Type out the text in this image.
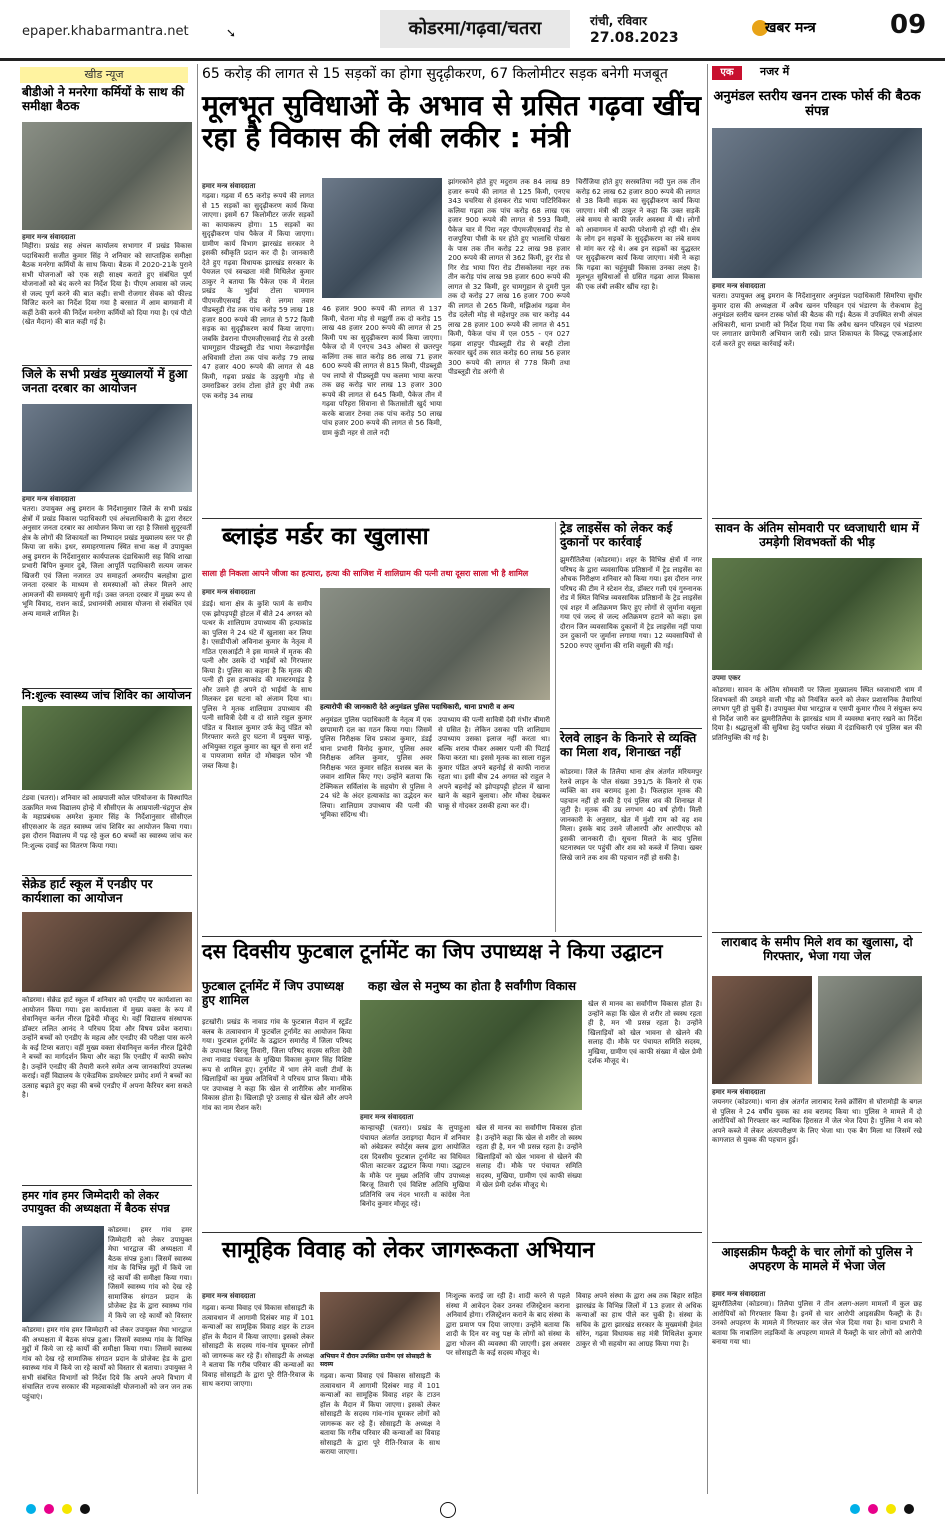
epaper.khabarmantra.net	➘	कोडरमा/गढ़वा/चतरा	रांची, रविवार
27.08.2023
खबर मन्त्र	09
खीड न्यूज
बीडीओ ने मनरेगा कर्मियों के साथ की समीक्षा बैठक
हमार मन्त्र संवाददाता
मिहीरा। प्रखंड सह अंचल कार्यालय सभागार में प्रखंड विकास पदाधिकारी सजीत कुमार सिंह ने शनिवार को साप्ताहिक समीक्षा बैठक मनरेगा कर्मियों के साथ किया। बैठक में 2020-21के पुराने सभी योजनाओं को एक सही साक्ष्य कराते हुए संबंधित पूर्ण योजनाओं को बंद करने का निर्देश दिया है। पीएम आवास को जल्द से जल्द पूर्ण करने की बात कही। सभी रोजगार सेवक को फील्ड विजिट करने का निर्देश दिया गया है बरसात में आम बागवानी में कहीं ठेकी करने की निर्देश मनरेगा कर्मियों को दिया गया है। एवं पौटो (खेत मैदान) की बात कही गई है।
जिले के सभी प्रखंड मुख्यालयों में हुआ जनता दरबार का आयोजन
हमार मन्त्र संवाददाता
चतरा। उपायुक्त अबु इमरान के निर्देशानुसार जिले के सभी प्रखंड क्षेत्रों में प्रखंड विकास पदाधिकारी एवं अंचलाधिकारी के द्वारा रोस्टर अनुसार जनता दरबार का आयोजन किया जा रहा है जिससे सुदूरवर्ती क्षेत्र के लोगों की शिकायतों का निष्पादन प्रखंड मुख्यालय स्तर पर ही किया जा सके। इधर, समाहरणालय स्थित सभा कक्ष में उपायुक्त अबु इमरान के निर्देशानुसार कार्यपालक दंडाधिकारी सह विधि शाखा प्रभारी बिपिन कुमार दुबे, जिला आपूर्ति पदाधिकारी सत्यम जाकर खिजरी एवं जिला नजारत उप समाहर्ता अमरदीप बलहोत्रा द्वारा जनता दरबार के माध्यम से समस्याओं को लेकर मिलने आए आमजनों की समस्याएं सुनी गई। उक्त जनता दरबार में मुख्य रूप से भूमि विवाद, राशन कार्ड, प्रधानमंत्री आवास योजना से संबंधित एवं अन्य मामले शामिल है।
नि:शुल्क स्वास्थ्य जांच शिविर का आयोजन
टंडवा (चतरा)। शनिवार को आम्रपाली कोल परियोजना के विस्थापित उत्क्रमित मध्य विद्यालय होन्हे में सीसीएल के आम्रपाली-चंद्रगुप्त क्षेत्र के महाप्रबंधक अमरेश कुमार सिंह के निर्देशानुसार सीसीएल सीएसआर के तहत स्वास्थ्य जांच शिविर का आयोजन किया गया। इस दौरान विद्यालय में पढ़ रहे कुल 60 बच्चों का स्वास्थ्य जांच कर नि:शुल्क दवाई का वितरण किया गया।
सेक्रेड हार्ट स्कूल में एनडीए पर कार्यशाला का आयोजन
कोडरमा। सेक्रेड हार्ट स्कूल में शनिवार को एनडीए पर कार्यशाला का आयोजन किया गया। इस कार्यशाला में मुख्य वक्ता के रूप में सेवानिवृत्त कर्नल नीरज द्विवेदी मौजूद थे। वहीं विद्यालय संस्थापक डॉक्टर ललित आनंद ने परिचय दिया और विषय प्रवेश कराया। उन्होंने बच्चों को एनडीए के महत्व और एनडीए की परीक्षा पास करने के कई टिप्स बताए। वहीं मुख्य वक्ता सेवानिवृत्त कर्नल नीरज द्विवेदी ने बच्चों का मार्गदर्शन किया और कहा कि एनडीए में काफी स्कोप है। उन्होंने एनडीए की तैयारी करने समेत अन्य जानकारियां उपलब्ध कराई। वहीं विद्यालय के एकेडमिक डायरेक्टर प्रमोद शर्मा ने बच्चों का उत्साह बढ़ाते हुए कहा की बच्चे एनडीए में अपना कैरियर बना सकते है।
हमर गांव हमर जिम्मेदारी को लेकर उपायुक्त की अध्यक्षता में बैठक संपन्न
कोडरमा। हमर गांव हमर जिम्मेदारी को लेकर उपायुक्त मेघा भारद्वाज की अध्यक्षता में बैठक संपन्न हुआ। जिसमें स्वास्थ्य गांव के विभिन्न मुद्दों में किये जा रहे कार्यों की समीक्षा किया गया। जिसमें स्वास्थ्य गांव को देख रहे सामाजिक संगठन प्रदान के प्रोजेक्ट हेड के द्वारा स्वास्थ्य गांव में किये जा रहे कार्यों को विस्तार
कोडरमा। हमर गांव हमर जिम्मेदारी को लेकर उपायुक्त मेघा भारद्वाज की अध्यक्षता में बैठक संपन्न हुआ। जिसमें स्वास्थ्य गांव के विभिन्न मुद्दों में किये जा रहे कार्यों की समीक्षा किया गया। जिसमें स्वास्थ्य गांव को देख रहे सामाजिक संगठन प्रदान के प्रोजेक्ट हेड के द्वारा स्वास्थ्य गांव में किये जा रहे कार्यों को विस्तार से बताया। उपायुक्त ने सभी संबंधित विभागों को निर्देश दिये कि अपने अपने विभाग में संचालित राज्य सरकार की महत्वाकांक्षी योजनाओं को जन जन तक पहुंचाएं।
65 करोड़ की लागत से 15 सड़कों का होगा सुदृढ़ीकरण, 67 किलोमीटर सड़क बनेगी मजबूत
मूलभूत सुविधाओं के अभाव से ग्रसित गढ़वा खींच रहा है विकास की लंबी लकीर : मंत्री
हमार मन्त्र संवाददाता
गढ़वा। गढ़वा में 65 करोड़ रूपये की लागत से 15 सड़कों का सुदृढ़ीकरण कार्य किया जाएगा। इसमें 67 किलोमीटर जर्जर सड़कों का कायाकल्प होगा। 15 सड़कों का सुदृढ़ीकरण पांच पैकेज में किया जाएगा। ग्रामीण कार्य विभाग झारखंड सरकार ने इसकी स्वीकृति प्रदान कर दी है। जानकारी देते हुए गढ़वा विधायक झारखंड सरकार के पेयजल एवं स्वच्छता मंत्री मिथिलेश कुमार ठाकुर ने बताया कि पैकेज एक में मेराल प्रखंड के भुईयां टोला चामगान पीएमजीएसवाई रोड से लगमा तवार पीडब्लूडी रोड तक पांच करोड़ 59 लाख 18 हजार 800 रूपये की लागत से 572 किमी सड़क का सुदृढ़ीकरण कार्य किया जाएगा। जबकि डेवराना पीएमजीएसवाई रोड से उरसी चामगुहान पीडब्लूडी रोड भाया नेरूडागोईंस अधिवासी टोला तक पांच करोड़ 79 लाख 47 हजार 400 रूपये की लागत से 48 किमी, गढ़वा प्रखंड के उड़सुगी मोड़ से उमराडिकर उरांव टोला होते हुए मेघी तक एक करोड़ 34 लाख
46 हजार 900 रूपये की लागत से 137 किमी, चेतना मोड़ से मझुर्गी तक दो करोड़ 15 लाख 48 हजार 200 रूपये की लागत से 25 किमी पथ का सुदृढ़ीकरण कार्य किया जाएगा। पैकेज दो में एनएच 343 ओबरा से छतरपुर कलिंगा तक सात करोड़ 86 लाख 71 हजार 600 रूपये की लागत से 815 किमी, पीडब्लूडी पथ लापो से पीडब्लूडी पथ कलमा भाया करपा तक छह करोड़ चार लाख 13 हजार 300 रूपये की लागत से 645 किमी, पैकेज तीन में गढ़वा परिहरा सिवाना से कितासोती खुर्द भाया करके बाजार टेनवा तक पांच करोड़ 50 लाख पांच हजार 200 रूपये की लागत से 56 किमी, ग्राम कुंडी नहर से ताले नदी
झांगरकोने होते हुए मदुराम तक 84 लाख 89 हजार रूपये की लागत से 125 किमी, एनएच 343 चचरिया से हंसकर रोड भाया पाटिरिविकर कलिया गढ़वा तक पांच करोड़ 68 लाख एक हजार 900 रूपये की लागत से 593 किमी, पैकेज चार में पिरा नहर पीएमजीएसवाई रोड से राजपुरिया पौसी के घर होते हुए भालाधि पोखरा के पास तक तीन करोड़ 22 लाख 98 हजार 200 रूपये की लागत से 362 किमी, हुर रोड से गिर रोड भाया पिरा रोड टीसकोलवा नहर तक तीन करोड़ पांच लाख 98 हजार 600 रूपये की लागत से 32 किमी, हुर चामगुहान से दुमरी पुल तक दो करोड़ 27 लाख 16 हजार 700 रूपये की लागत से 265 किमी, मझिआंव गढ़वा मेन रोड दलेली मोड़ से महेशपुर तक चार करोड़ 44 लाख 28 हजार 100 रूपये की लागत से 451 किमी, पैकेज पांच में एल 055 - एन 027 गढ़वा शाहपुर पीडब्लूडी रोड से बरही टोला करवार खुर्द तक सात करोड़ 60 लाख 56 हजार 300 रूपये की लागत से 778 किमी तथा पीडब्लूडी रोड अरंगी से
चिरौंजिया होते हुए सरस्वतिया नदी पुल तक तीन करोड़ 62 लाख 62 हजार 800 रूपये की लागत से 38 किमी सड़क का सुदृढ़ीकरण कार्य किया जाएगा। मंत्री श्री ठाकुर ने कहा कि उक्त सड़कें लंबे समय से काफी जर्जर अवस्था में थी। लोगों को आवागमन में काफी परेशानी हो रही थी। क्षेत्र के लोग इन सड़कों के सुदृढ़ीकरण का लंबे समय से मांग कर रहे थे। अब इन सड़कों का युद्धस्तर पर सुदृढ़ीकरण कार्य किया जाएगा। मंत्री ने कहा कि गढ़वा का चहुंमुखी विकास उनका लक्ष्य है। मूलभूत सुविधाओं से ग्रसित गढ़वा आज विकास की एक लंबी लकीर खींच रहा है।
ब्लाइंड मर्डर का खुलासा
साला ही निकला आपने जीजा का हत्यारा, हत्या की साजिश में शालिग्राम की पत्नी तथा दूसरा साला भी है शामिल
हमार मन्त्र संवाददाता
डंडई। थाना क्षेत्र के कुशि फार्म के समीप एक झोपड़पट्टी होटल में बीते 24 अगस्त को पत्थर के शालिग्राम उपाध्याय की हत्याकांड का पुलिस ने 24 घंटे में खुलासा कर लिया है। एसडीपीओ अविनाश कुमार के नेतृत्व में गठित एसआईटी ने इस मामले में मृतक की पत्नी और उसके दो भाईयों को गिरफ्तार किया है। पुलिस का कहना है कि मृतक की पत्नी ही इस हत्याकांड की मास्टरमाइंड है और उसने ही अपने दो भाईयों के साथ मिलकर इस घटना को अंजाम दिया था। पुलिस ने मृतक शालिग्राम उपाध्याय की पत्नी सावित्री देवी व दो साले राहुल कुमार पंडित व विशाल कुमार उर्फ केतु पंडित को गिरफ्तार करते हुए घटना में प्रयुक्त चाकू, अभियुक्त राहुल कुमार का खून से सना शर्ट व पायजामा समेत दो मोबाइल फोन भी जब्त किया है।
हत्यारोपी की जानकारी देते अनुमंडल पुलिस पदाधिकारी, थाना प्रभारी व अन्य
अनुमंडल पुलिस पदाधिकारी के नेतृत्व में एक छापामारी दल का गठन किया गया। जिसमें पुलिस निरीक्षक शिव प्रकाश कुमार, डंडई थाना प्रभारी विनोद कुमार, पुलिस अवर निरीक्षक अनिल कुमार, पुलिस अवर निरीक्षक भरत कुमार सहित सशस्त्र बल के जवान शामिल किए गए। उन्होंने बताया कि टेक्निकल सर्विलांस के सहयोग से पुलिस ने 24 घंटे के अंदर हत्याकांड का उद्भेदन कर लिया। शालिग्राम उपाध्याय की पत्नी की भूमिका संदिग्ध थी।
उपाध्याय की पत्नी सावित्री देवी गंभीर बीमारी से ग्रसित है। लेकिन उसका पति शालिग्राम उपाध्याय उसका इलाज नहीं करता था। बल्कि शराब पीकर अक्सर पत्नी की पिटाई किया करता था। इससे मृतक का साला राहुल कुमार पंडित अपने बहनोई से काफी नाराज रहता था। इसी बीच 24 अगस्त को राहुल ने अपने बहनोई को झोपड़पट्टी होटल में खाना खाने के बहाने बुलाया। और मौका देखकर चाकू से गोदकर उसकी हत्या कर दी।
ट्रेड लाइसेंस को लेकर कई दुकानों पर कार्रवाई
झुमरीतिलैया (कोडरमा)। शहर के विभिन्न क्षेत्रों में नगर परिषद के द्वारा व्यवसायिक प्रतिष्ठानों में ट्रेड लाइसेंस का औचक निरीक्षण शनिवार को किया गया। इस दौरान नगर परिषद की टीम ने स्टेशन रोड, डॉक्टर गली एवं गुरुनानक रोड में स्थित विभिन्न व्यवसायिक प्रतिष्ठानों के ट्रेड लाइसेंस एवं शहर में अतिक्रमण किए हुए लोगों से जुर्माना वसूला गया एवं जल्द से जल्द अतिक्रमण हटाने को कहा। इस दौरान जिन व्यवसायिक दुकानों में ट्रेड लाइसेंस नहीं पाया उन दुकानों पर जुर्माना लगाया गया। 12 व्यवसायियों से 5200 रुपए जुर्माना की राशि वसूली की गई।
रेलवे लाइन के किनारे से व्यक्ति का मिला शव, शिनाख्त नहीं
कोडरमा। जिले के तिलैया थाना क्षेत्र अंतर्गत मरियमपुर रेलवे लाइन के पोल संख्या 391/5 के किनारे से एक व्यक्ति का शव बरामद हुआ है। फिलहाल मृतक की पहचान नहीं हो सकी है एवं पुलिस शव की शिनाख्त में जुटी है। मृतक की उम्र लगभग 40 वर्ष होगी। मिली जानकारी के अनुसार, खेत में मुंशी राम को वह शव मिला। इसके बाद उसने जीआरपी और आरपीएफ को इसकी जानकारी दी। सूचना मिलते के बाद पुलिस घटनास्थल पर पहुंची और शव को कब्जे में लिया। खबर लिखे जाने तक शव की पहचान नहीं हो सकी है।
दस दिवसीय फुटबाल टूर्नामेंट का जिप उपाध्यक्ष ने किया उद्घाटन
फुटबाल टूर्नामेंट में जिप उपाध्यक्ष हुए शामिल
इटखोरी। प्रखंड के नावाड गांव के फुटबाल मैदान में स्टूडेंट क्लब के तत्वावधान में फुटबॉल टूर्नामेंट का आयोजन किया गया। फुटबाल टूर्नामेंट के उद्घाटन समारोह में जिला परिषद के उपाध्यक्ष बिरजू तिवारी, जिला परिषद सदस्य सरिता देवी तथा नावाड पंचायत के मुखिया विकास कुमार सिंह विशिष्ट रूप से शामिल हुए। टूर्नामेंट में भाग लेने वाली टीमों के खिलाड़ियों का मुख्य अतिथियों ने परिचय प्राप्त किया। मौके पर उपाध्यक्ष ने कहा कि खेल से शारीरिक और मानसिक विकास होता है। खिलाड़ी पूरे उत्साह से खेल खेलें और अपने गांव का नाम रोशन करें।
कहा खेल से मनुष्य का होता है सर्वांगीण विकास
हमार मन्त्र संवाददाता
कान्हाचट्टी (चतरा)। प्रखंड के लुपाहुआ पंचायत अंतर्गत उराइगदा मैदान में शनिवार को अंबेडकर स्पोर्ट्स क्लब द्वारा आयोजित दस दिवसीय फुटबाल टूर्नामेंट का विधिवत फीता काटकर उद्घाटन किया गया। उद्घाटन के मौके पर मुख्य अतिथि जीप उपाध्यक्ष बिरजू तिवारी एवं विशिष्ट अतिथि मुखिया प्रतिनिधि जय नंदन भारती व कांग्रेस नेता बिनोद कुमार मौजूद रहे।
खेल से मानव का सर्वांगीण विकास होता है। उन्होंने कहा कि खेल से शरीर तो स्वस्थ रहता ही है, मन भी प्रसन्न रहता है। उन्होंने खिलाड़ियों को खेल भावना से खेलने की सलाह दी। मौके पर पंचायत समिति सदस्य, मुखिया, ग्रामीण एवं काफी संख्या में खेल प्रेमी दर्शक मौजूद थे।
खेल से मानव का सर्वांगीण विकास होता है। उन्होंने कहा कि खेल से शरीर तो स्वस्थ रहता ही है, मन भी प्रसन्न रहता है। उन्होंने खिलाड़ियों को खेल भावना से खेलने की सलाह दी। मौके पर पंचायत समिति सदस्य, मुखिया, ग्रामीण एवं काफी संख्या में खेल प्रेमी दर्शक मौजूद थे।
सामूहिक विवाह को लेकर जागरूकता अभियान
हमार मन्त्र संवाददाता
गढ़वा। कन्या विवाह एवं विकास सोसाइटी के तत्वावधान में आगामी दिसंबर माह में 101 कन्याओं का सामूहिक विवाह शहर के टाउन हॉल के मैदान में किया जाएगा। इसको लेकर सोसाइटी के सदस्य गांव-गांव घूमकर लोगों को जागरूक कर रहे हैं। सोसाइटी के अध्यक्ष ने बताया कि गरीब परिवार की कन्याओं का विवाह सोसाइटी के द्वारा पूरे रीति-रिवाज के साथ कराया जाएगा।
अभियान में दौरान उपस्थित ग्रामीण एवं सोसाइटी के सदस्य
गढ़वा। कन्या विवाह एवं विकास सोसाइटी के तत्वावधान में आगामी दिसंबर माह में 101 कन्याओं का सामूहिक विवाह शहर के टाउन हॉल के मैदान में किया जाएगा। इसको लेकर सोसाइटी के सदस्य गांव-गांव घूमकर लोगों को जागरूक कर रहे हैं। सोसाइटी के अध्यक्ष ने बताया कि गरीब परिवार की कन्याओं का विवाह सोसाइटी के द्वारा पूरे रीति-रिवाज के साथ कराया जाएगा।
निःशुल्क कराई जा रही है। शादी करने से पहले संस्था में आवेदन देकर उनका रजिस्ट्रेशन कराना अनिवार्य होगा। रजिस्ट्रेशन कराने के बाद संस्था के द्वारा प्रमाण पत्र दिया जाएगा। उन्होंने बताया कि शादी के दिन वर वधु पक्ष के लोगों को संस्था के द्वारा भोजन की व्यवस्था की जाएगी। इस अवसर पर सोसाइटी के कई सदस्य मौजूद थे।
विवाह अपने संस्था के द्वारा अब तक बिहार सहित झारखंड के विभिन्न जिलों में 13 हजार से अधिक कन्याओं का हाथ पीले कर चुकी है। संस्था के सचिव के द्वारा झारखंड सरकार के मुख्यमंत्री हेमंत सोरेन, गढ़वा विधायक सह मंत्री मिथिलेश कुमार ठाकुर से भी सहयोग का आग्रह किया गया है।
एक	नजर में
अनुमंडल स्तरीय खनन टास्क फोर्स की बैठक संपन्न
हमार मन्त्र संवाददाता
चतरा। उपायुक्त अबु इमरान के निर्देशानुसार अनुमंडल पदाधिकारी सिमरिया सुधीर कुमार दास की अध्यक्षता में अवैध खनन परिवहन एवं भंडारण के रोकथाम हेतु अनुमंडल स्तरीय खनन टास्क फोर्स की बैठक की गई। बैठक में उपस्थित सभी अंचल अधिकारी, थाना प्रभारी को निर्देश दिया गया कि अवैध खनन परिवहन एवं भंडारण पर लगातार छापेमारी अभियान जारी रखें। प्राप्त शिकायत के विरुद्ध एफआईआर दर्ज करते हुए सख्त कार्रवाई करें।
सावन के अंतिम सोमवारी पर ध्वजाधारी धाम में उमड़ेगी शिवभक्तों की भीड़
उपमा एकर
कोडरमा। सावन के अंतिम सोमवारी पर जिला मुख्यालय स्थित ध्वजाधारी धाम में शिवभक्तों की उमड़ने वाली भीड़ को नियंत्रित करने को लेकर प्रशासनिक तैयारियां लगभग पूरी हो चुकी हैं। उपायुक्त मेघा भारद्वाज व एसपी कुमार गौरव ने संयुक्त रूप से निर्देश जारी कर झुमरीतिलैया के झारखंड धाम में व्यवस्था बनाए रखने का निर्देश दिया है। श्रद्धालुओं की सुविधा हेतु पर्याप्त संख्या में दंडाधिकारी एवं पुलिस बल की प्रतिनियुक्ति की गई है।
लाराबाद के समीप मिले शव का खुलासा, दो गिरफ्तार, भेजा गया जेल
हमार मन्त्र संवाददाता
जयनगर (कोडरमा)। थाना क्षेत्र अंतर्गत लाराबाद रेलवे क्रॉसिंग से घोरामोड़ी के बगल से पुलिस ने 24 वर्षीय युवक का शव बरामद किया था। पुलिस ने मामले में दो आरोपियों को गिरफ्तार कर न्यायिक हिरासत में जेल भेज दिया है। पुलिस ने शव को अपने कब्जे में लेकर अंत्यपरीक्षण के लिए भेजा था। एक बैग मिला था जिसमें रखे कागजात से युवक की पहचान हुई।
आइसक्रीम फैक्ट्री के चार लोगों को पुलिस ने अपहरण के मामले में भेजा जेल
हमार मन्त्र संवाददाता
झुमरीतिलैया (कोडरमा)। तिलैया पुलिस ने तीन अलग-अलग मामलों में कुल छह आरोपियों को गिरफ्तार किया है। इनमें से चार आरोपी आइसक्रीम फैक्ट्री के हैं। उनको अपहरण के मामले में गिरफ्तार कर जेल भेज दिया गया है। थाना प्रभारी ने बताया कि नाबालिग लड़कियों के अपहरण मामले में फैक्ट्री के चार लोगों को आरोपी बनाया गया था।
